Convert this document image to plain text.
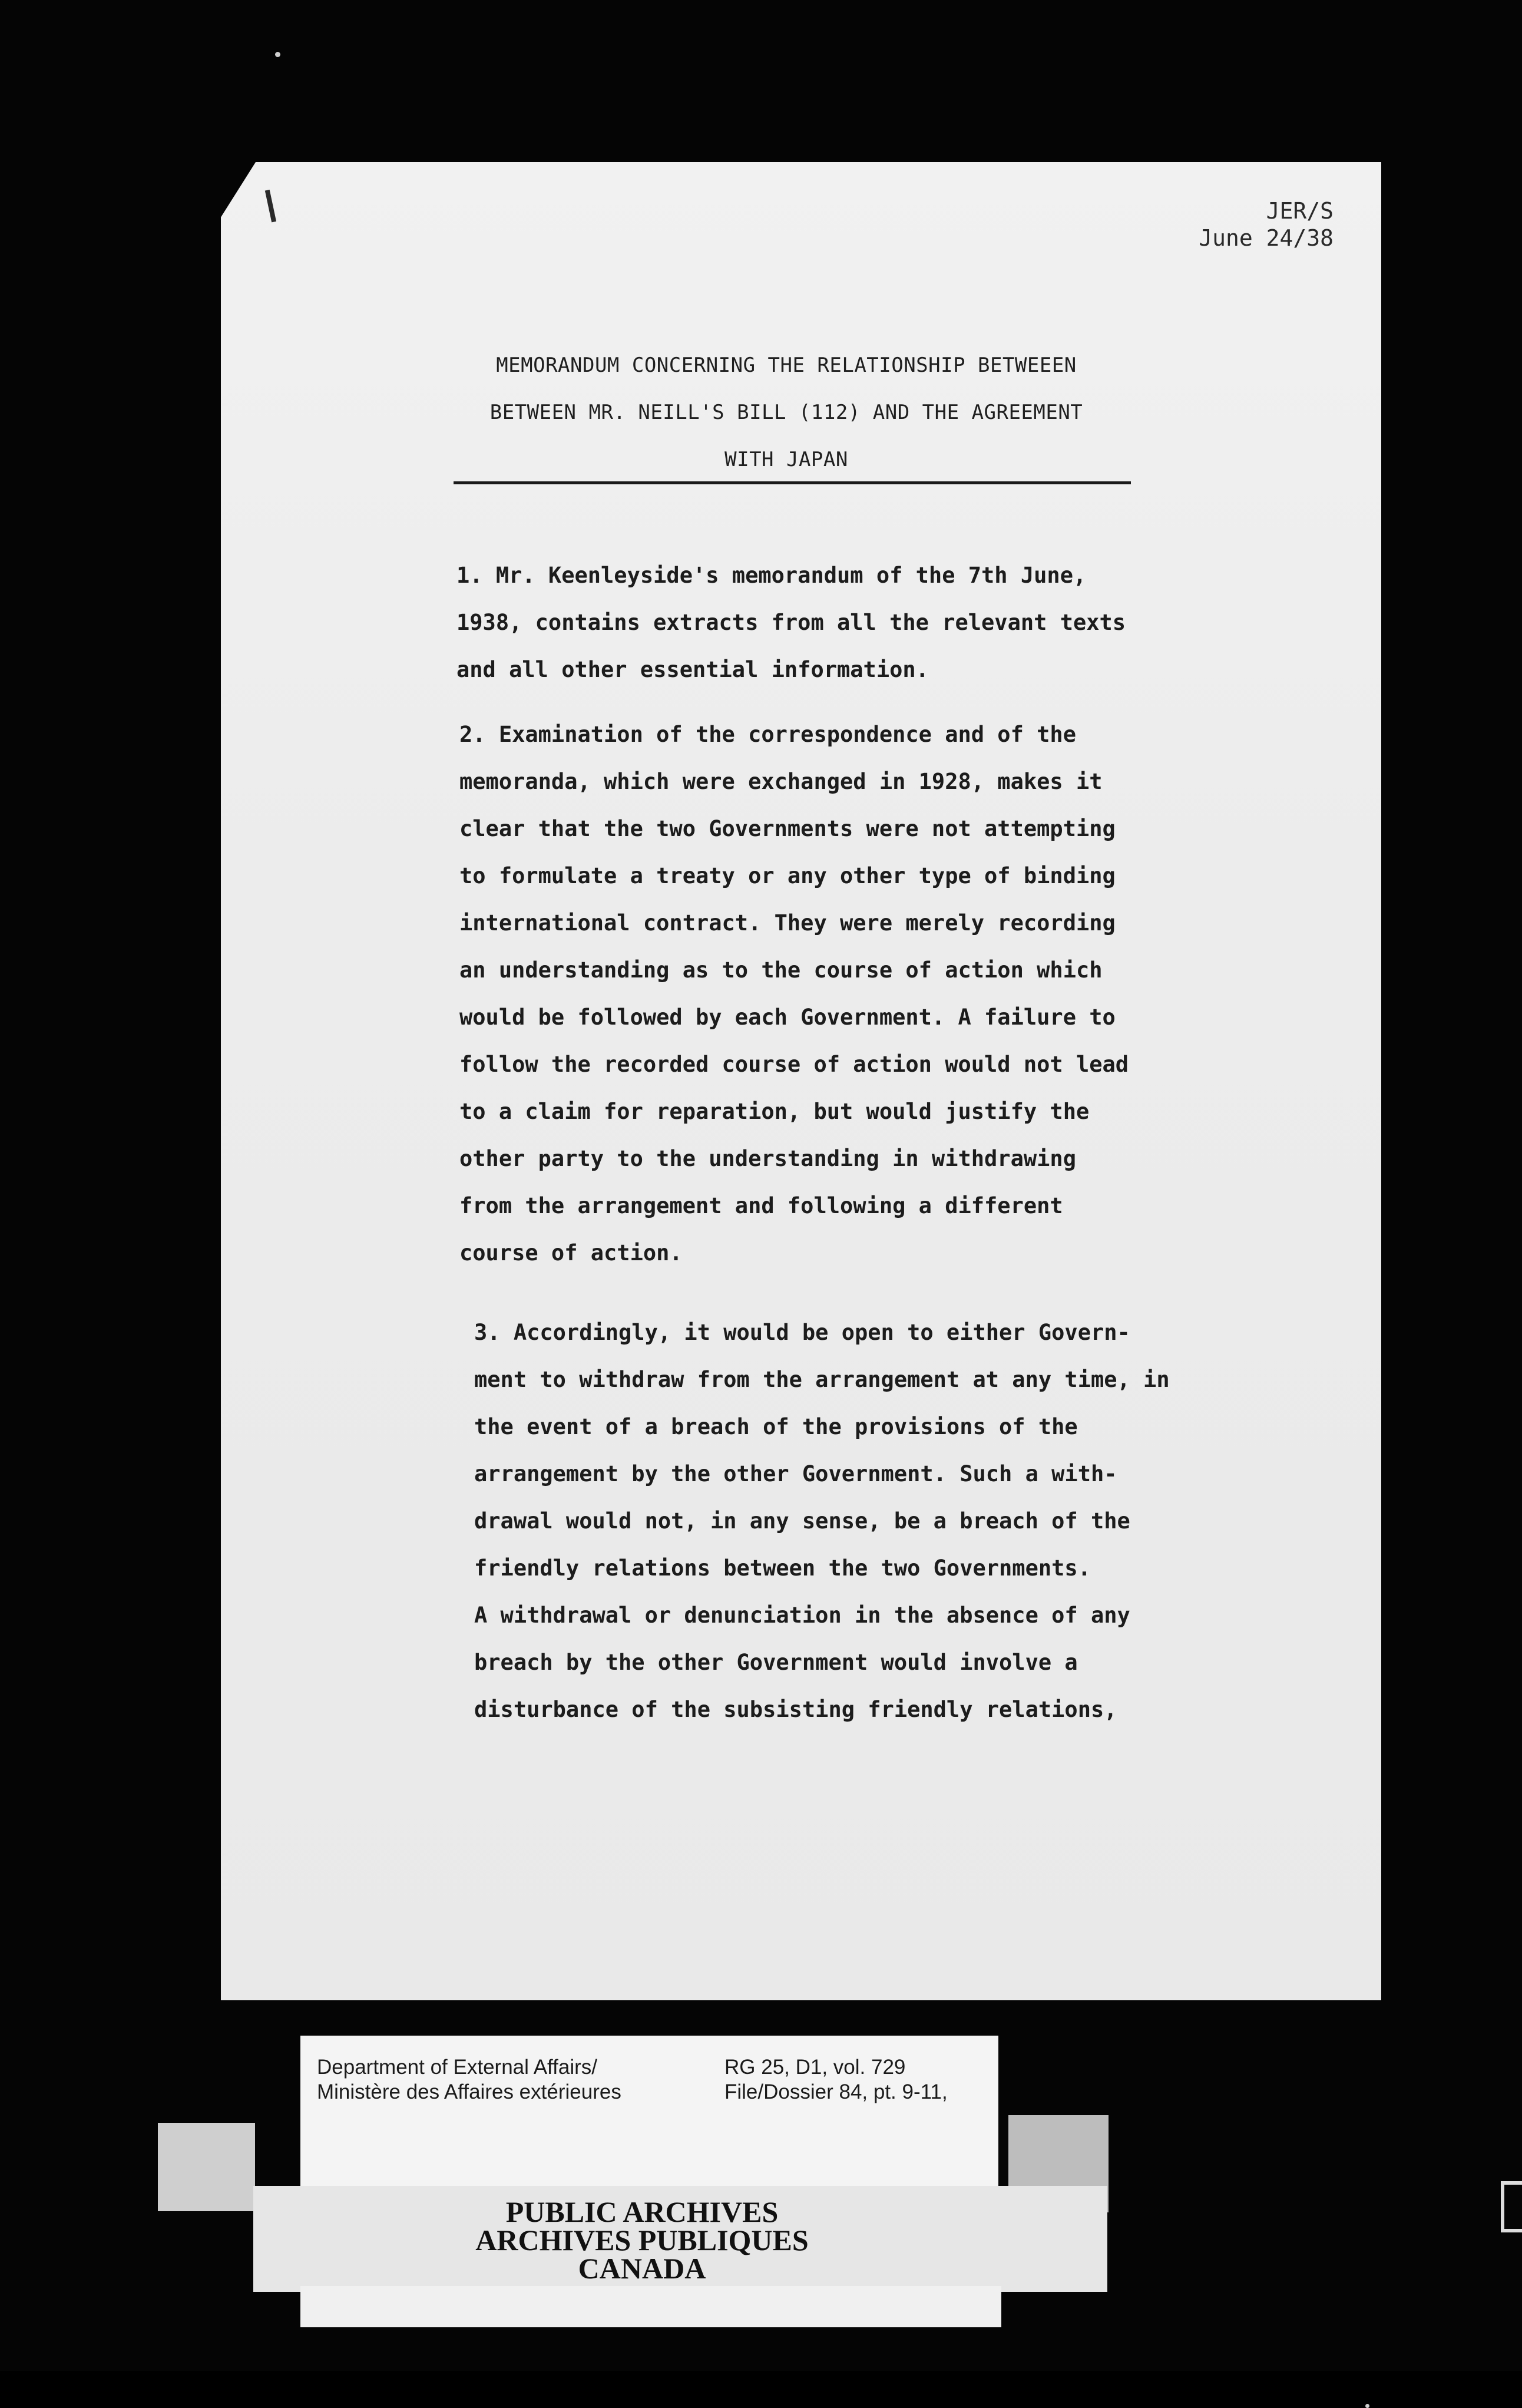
JER/S
June 24/38
MEMORANDUM CONCERNING THE RELATIONSHIP BETWEEEN
BETWEEN MR. NEILL'S BILL (112) AND THE AGREEMENT
WITH JAPAN
1. Mr. Keenleyside's memorandum of the 7th June,
1938, contains extracts from all the relevant texts
and all other essential information.
2. Examination of the correspondence and of the
memoranda, which were exchanged in 1928, makes it
clear that the two Governments were not attempting
to formulate a treaty or any other type of binding
international contract. They were merely recording
an understanding as to the course of action which
would be followed by each Government. A failure to
follow the recorded course of action would not lead
to a claim for reparation, but would justify the
other party to the understanding in withdrawing
from the arrangement and following a different
course of action.
3. Accordingly, it would be open to either Govern-
ment to withdraw from the arrangement at any time, in
the event of a breach of the provisions of the
arrangement by the other Government. Such a with-
drawal would not, in any sense, be a breach of the
friendly relations between the two Governments.
A withdrawal or denunciation in the absence of any
breach by the other Government would involve a
disturbance of the subsisting friendly relations,
Department of External Affairs/
Ministère des Affaires extérieures
RG 25, D1, vol. 729
File/Dossier 84, pt. 9-11,
PUBLIC ARCHIVES
ARCHIVES PUBLIQUES
CANADA
